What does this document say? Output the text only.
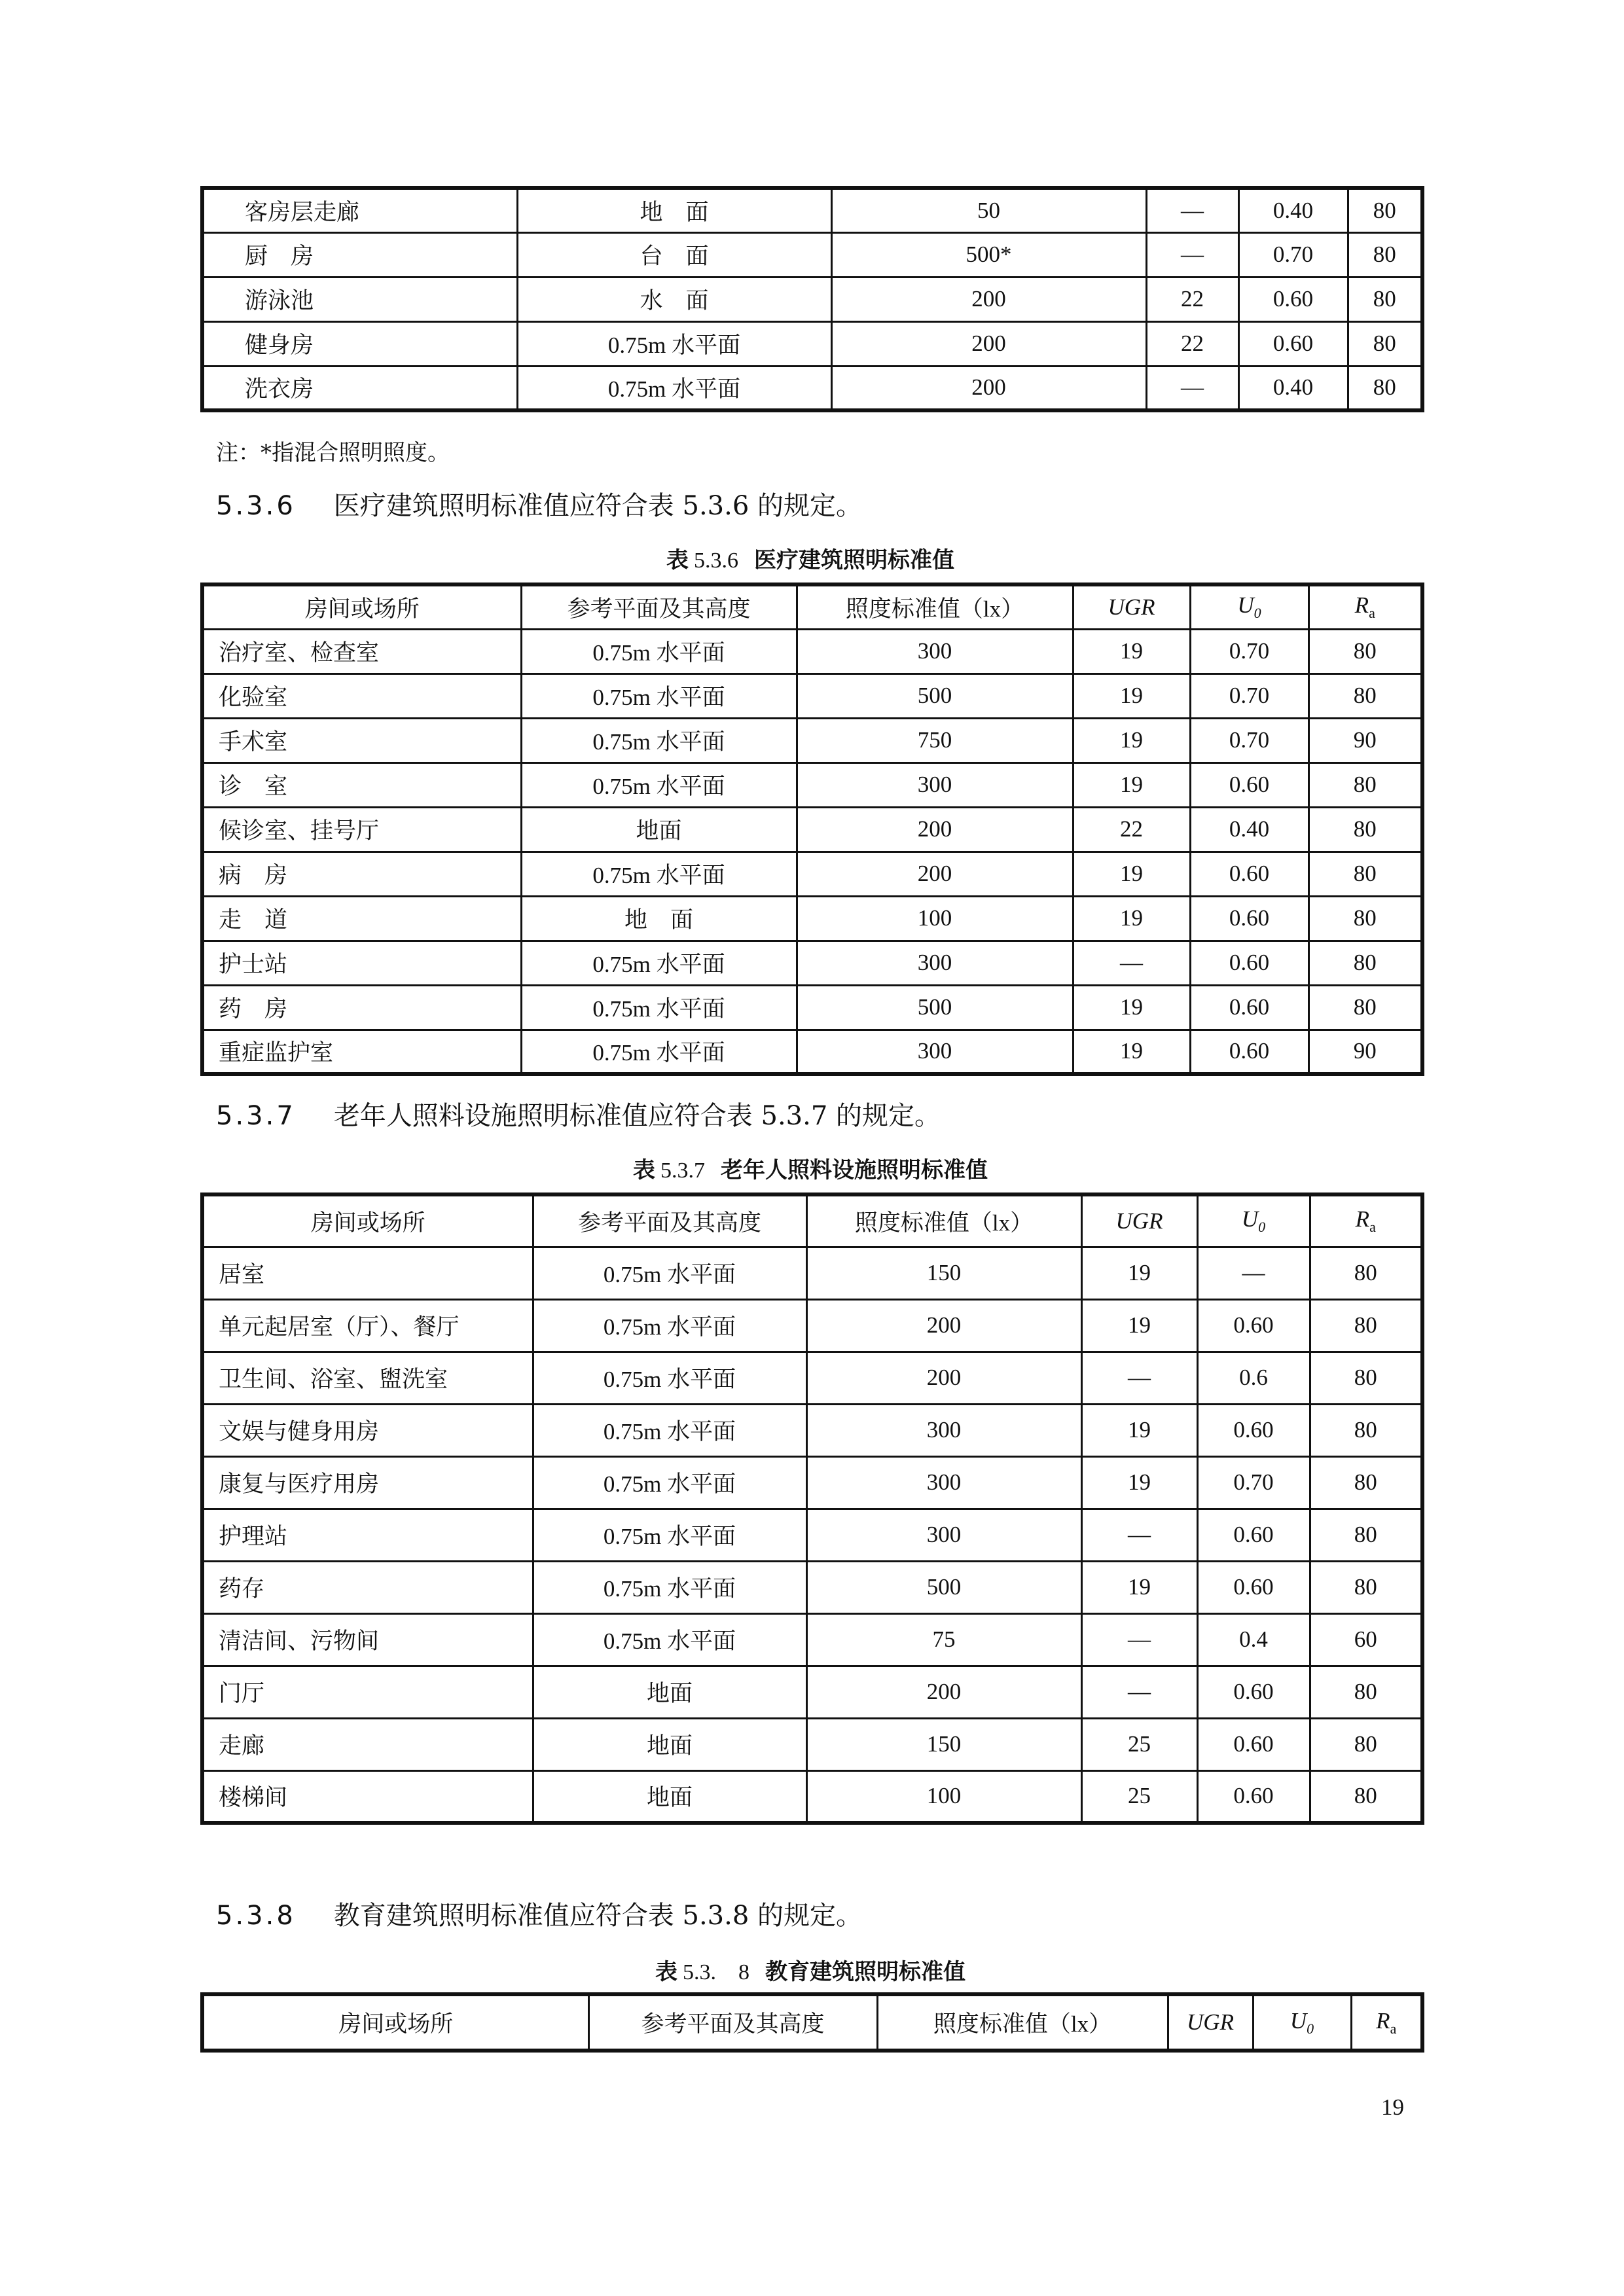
客房层走廊	地　面	50	—	0.40	80
厨　房	台　面	500*	—	0.70	80
游泳池	水　面	200	22	0.60	80
健身房	0.75m 水平面	200	22	0.60	80
洗衣房	0.75m 水平面	200	—	0.40	80
注：*指混合照明照度。
5.3.6 医疗建筑照明标准值应符合表 5.3.6 的规定。
表 5.3.6 医疗建筑照明标准值
房间或场所	参考平面及其高度	照度标准值（lx）	UGR	$U_0$	$R_a$
治疗室、检查室	0.75m 水平面	300	19	0.70	80
化验室	0.75m 水平面	500	19	0.70	80
手术室	0.75m 水平面	750	19	0.70	90
诊　室	0.75m 水平面	300	19	0.60	80
候诊室、挂号厅	地面	200	22	0.40	80
病　房	0.75m 水平面	200	19	0.60	80
走　道	地　面	100	19	0.60	80
护士站	0.75m 水平面	300	—	0.60	80
药　房	0.75m 水平面	500	19	0.60	80
重症监护室	0.75m 水平面	300	19	0.60	90
5.3.7 老年人照料设施照明标准值应符合表 5.3.7 的规定。
表 5.3.7 老年人照料设施照明标准值
房间或场所	参考平面及其高度	照度标准值（lx）	UGR	$U_0$	$R_a$
居室	0.75m 水平面	150	19	—	80
单元起居室（厅）、餐厅	0.75m 水平面	200	19	0.60	80
卫生间、浴室、盥洗室	0.75m 水平面	200	—	0.6	80
文娱与健身用房	0.75m 水平面	300	19	0.60	80
康复与医疗用房	0.75m 水平面	300	19	0.70	80
护理站	0.75m 水平面	300	—	0.60	80
药存	0.75m 水平面	500	19	0.60	80
清洁间、污物间	0.75m 水平面	75	—	0.4	60
门厅	地面	200	—	0.60	80
走廊	地面	150	25	0.60	80
楼梯间	地面	100	25	0.60	80
5.3.8 教育建筑照明标准值应符合表 5.3.8 的规定。
表 5.3.　8 教育建筑照明标准值
房间或场所	参考平面及其高度	照度标准值（lx）	UGR	$U_0$	$R_a$
19
